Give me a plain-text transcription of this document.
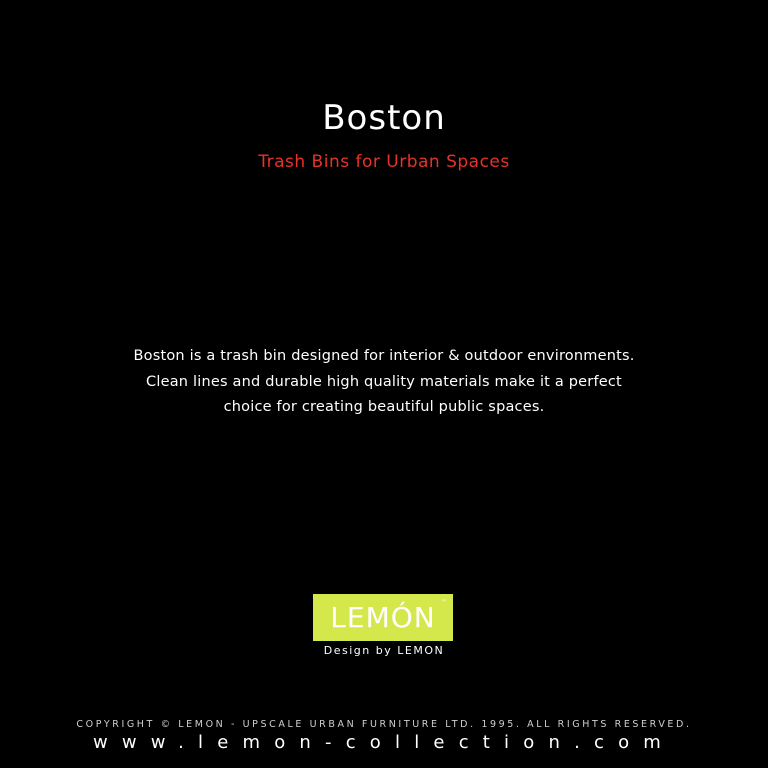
Boston
Trash Bins for Urban Spaces
Boston is a trash bin designed for interior & outdoor environments.
Clean lines and durable high quality materials make it a perfect
choice for creating beautiful public spaces.
LEMÓN ™
Design by LEMON
COPYRIGHT © LEMON - UPSCALE URBAN FURNITURE LTD. 1995. ALL RIGHTS RESERVED.
www.lemon-collection.com
